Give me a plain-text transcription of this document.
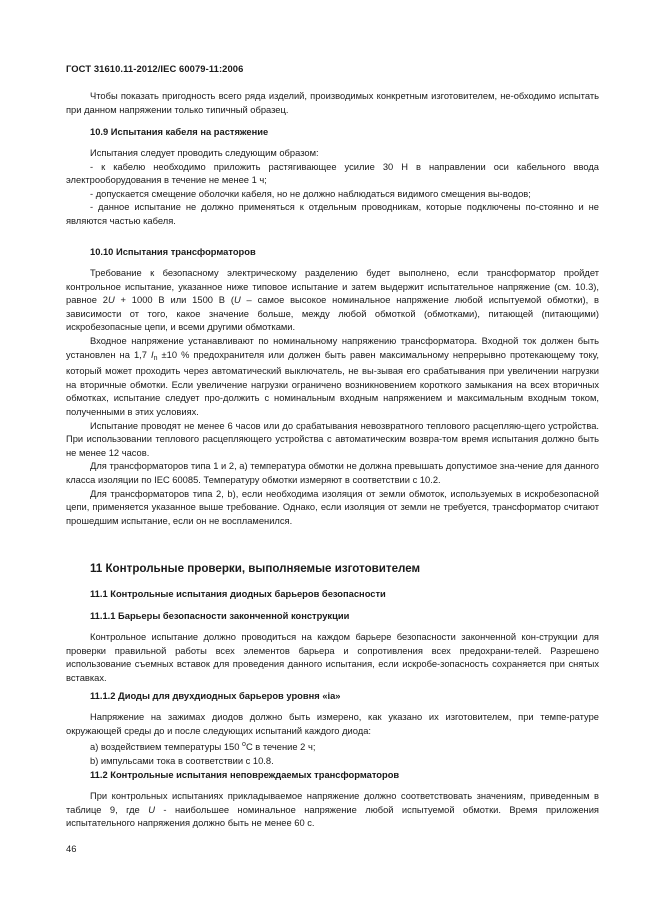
ГОСТ 31610.11-2012/IEC 60079-11:2006

Чтобы показать пригодность всего ряда изделий, производимых конкретным изготовителем, не-обходимо испытать при данном напряжении только типичный образец.

10.9 Испытания кабеля на растяжение

Испытания следует проводить следующим образом:

- к кабелю необходимо приложить растягивающее усилие 30 Н в направлении оси кабельного ввода электрооборудования в течение не менее 1 ч;

- допускается смещение оболочки кабеля, но не должно наблюдаться видимого смещения вы-водов;

- данное испытание не должно применяться к отдельным проводникам, которые подключены по-стоянно и не являются частью кабеля.

10.10 Испытания трансформаторов

Требование к безопасному электрическому разделению будет выполнено, если трансформатор пройдет контрольное испытание, указанное ниже типовое испытание и затем выдержит испытательное напряжение (см. 10.3), равное 2U + 1000 В или 1500 В (U – самое высокое номинальное напряжение любой испытуемой обмотки), в зависимости от того, какое значение больше, между любой обмоткой (обмотками), питающей (питающими) искробезопасные цепи, и всеми другими обмотками.

Входное напряжение устанавливают по номинальному напряжению трансформатора. Входной ток должен быть установлен на 1,7 $I_n \pm 10$ % предохранителя или должен быть равен максимальному непрерывно протекающему току, который может проходить через автоматический выключатель, не вы-зывая его срабатывания при увеличении нагрузки на вторичные обмотки. Если увеличение нагрузки ограничено возникновением короткого замыкания на всех вторичных обмотках, испытание следует про-должить с номинальным входным напряжением и максимальным входным током, полученными в этих условиях.

Испытание проводят не менее 6 часов или до срабатывания невозвратного теплового расцепляю-щего устройства. При использовании теплового расцепляющего устройства с автоматическим возвра-том время испытания должно быть не менее 12 часов.

Для трансформаторов типа 1 и 2, а) температура обмотки не должна превышать допустимое зна-чение для данного класса изоляции по IEC 60085. Температуру обмотки измеряют в соответствии с 10.2.

Для трансформаторов типа 2, b), если необходима изоляция от земли обмоток, используемых в искробезопасной цепи, применяется указанное выше требование. Однако, если изоляция от земли не требуется, трансформатор считают прошедшим испытание, если он не воспламенился.

11 Контрольные проверки, выполняемые изготовителем
11.1 Контрольные испытания диодных барьеров безопасности
11.1.1 Барьеры безопасности законченной конструкции

Контрольное испытание должно проводиться на каждом барьере безопасности законченной кон-струкции для проверки правильной работы всех элементов барьера и сопротивления всех предохрани-телей. Разрешено использование съемных вставок для проведения данного испытания, если искробе-зопасность сохраняется при снятых вставках.

11.1.2 Диоды для двухдиодных барьеров уровня «ia»

Напряжение на зажимах диодов должно быть измерено, как указано их изготовителем, при темпе-ратуре окружающей среды до и после следующих испытаний каждого диода:

а) воздействием температуры 150 $^о$С в течение 2 ч;

b) импульсами тока в соответствии с 10.8.

11.2 Контрольные испытания неповреждаемых трансформаторов

При контрольных испытаниях прикладываемое напряжение должно соответствовать значениям, приведенным в таблице 9, где U - наибольшее номинальное напряжение любой испытуемой обмотки. Время приложения испытательного напряжения должно быть не менее 60 с.

46
